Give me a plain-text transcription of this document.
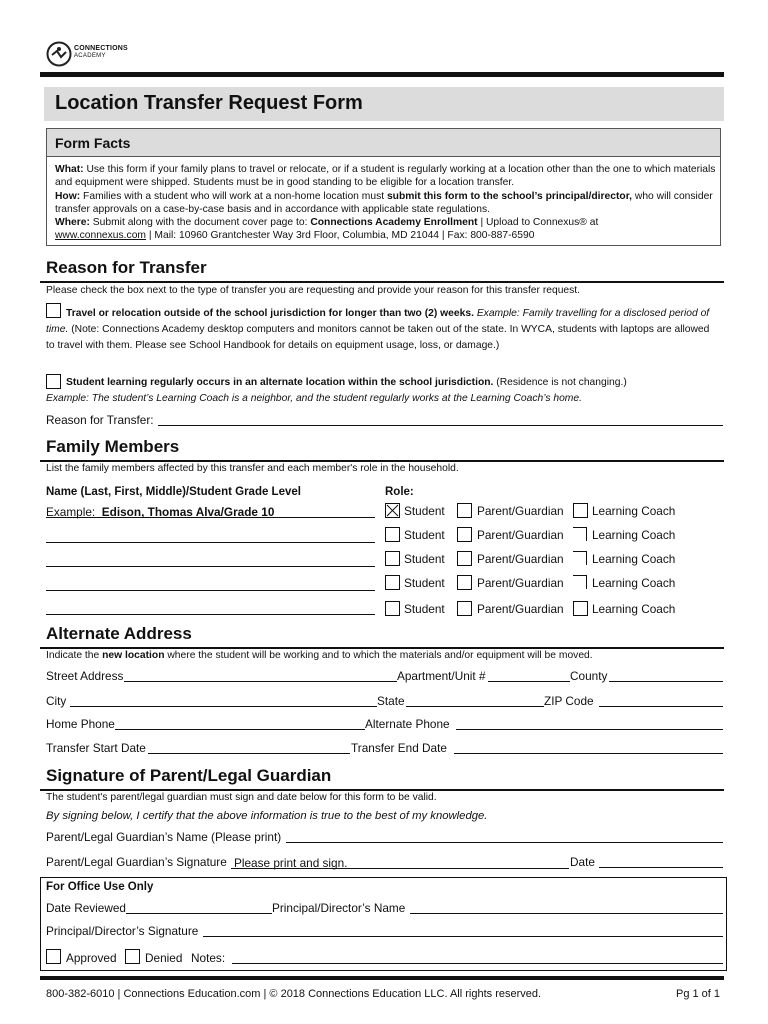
CONNECTIONS
ACADEMY
Location Transfer Request Form
Form Facts
What: Use this form if your family plans to travel or relocate, or if a student is regularly working at a location other than the one to which materials and equipment were shipped. Students must be in good standing to be eligible for a location transfer.
How: Families with a student who will work at a non-home location must submit this form to the school’s principal/director, who will consider transfer approvals on a case-by-case basis and in accordance with applicable state regulations.
Where: Submit along with the document cover page to: Connections Academy Enrollment | Upload to Connexus® at
www.connexus.com | Mail: 10960 Grantchester Way 3rd Floor, Columbia, MD 21044 | Fax: 800-887-6590
Reason for Transfer
Please check the box next to the type of transfer you are requesting and provide your reason for this transfer request.
Travel or relocation outside of the school jurisdiction for longer than two (2) weeks. Example: Family travelling for a disclosed period of time. (Note: Connections Academy desktop computers and monitors cannot be taken out of the state. In WYCA, students with laptops are allowed to travel with them. Please see School Handbook for details on equipment usage, loss, or damage.)
Student learning regularly occurs in an alternate location within the school jurisdiction. (Residence is not changing.)
Example: The student’s Learning Coach is a neighbor, and the student regularly works at the Learning Coach’s home.
Reason for Transfer:
Family Members
List the family members affected by this transfer and each member's role in the household.
Name (Last, First, Middle)/Student Grade Level	Role:
Example: Edison, Thomas Alva/Grade 10	Student	Parent/Guardian Learning Coach
Student	Parent/Guardian Learning Coach
Student	Parent/Guardian Learning Coach
Student	Parent/Guardian Learning Coach
Student	Parent/Guardian Learning Coach
Alternate Address
Indicate the new location where the student will be working and to which the materials and/or equipment will be moved.
Street Address	Apartment/Unit #	County
City	State	ZIP Code
Home Phone	Alternate Phone
Transfer Start Date	Transfer End Date
Signature of Parent/Legal Guardian
The student's parent/legal guardian must sign and date below for this form to be valid.
By signing below, I certify that the above information is true to the best of my knowledge.
Parent/Legal Guardian’s Name (Please print)
Parent/Legal Guardian’s Signature Please print and sign.	Date
For Office Use Only
Date Reviewed	Principal/Director’s Name
Principal/Director’s Signature
Approved Denied Notes:
800-382-6010 | Connections Education.com | © 2018 Connections Education LLC. All rights reserved.	Pg 1 of 1
